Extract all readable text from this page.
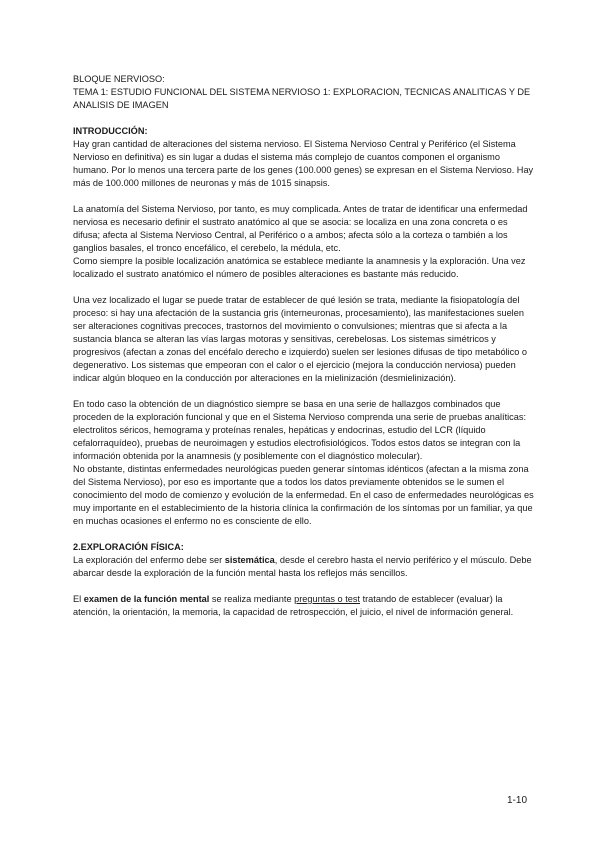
BLOQUE NERVIOSO:

TEMA 1: ESTUDIO FUNCIONAL DEL SISTEMA NERVIOSO 1: EXPLORACION, TECNICAS ANALITICAS Y DE ANALISIS DE IMAGEN

INTRODUCCIÓN:

Hay gran cantidad de alteraciones del sistema nervioso. El Sistema Nervioso Central y Periférico (el Sistema Nervioso en definitiva) es sin lugar a dudas el sistema más complejo de cuantos componen el organismo humano. Por lo menos una tercera parte de los genes (100.000 genes) se expresan en el Sistema Nervioso. Hay más de 100.000 millones de neuronas y más de 1015 sinapsis.

La anatomía del Sistema Nervioso, por tanto, es muy complicada. Antes de tratar de identificar una enfermedad nerviosa es necesario definir el sustrato anatómico al que se asocia: se localiza en una zona concreta o es difusa; afecta al Sistema Nervioso Central, al Periférico o a ambos; afecta sólo a la corteza o también a los ganglios basales, el tronco encefálico, el cerebelo, la médula, etc.

Como siempre la posible localización anatómica se establece mediante la anamnesis y la exploración. Una vez localizado el sustrato anatómico el número de posibles alteraciones es bastante más reducido.

Una vez localizado el lugar se puede tratar de establecer de qué lesión se trata, mediante la fisiopatología del proceso: si hay una afectación de la sustancia gris (interneuronas, procesamiento), las manifestaciones suelen ser alteraciones cognitivas precoces, trastornos del movimiento o convulsiones; mientras que si afecta a la sustancia blanca se alteran las vías largas motoras y sensitivas, cerebelosas. Los sistemas simétricos y progresivos (afectan a zonas del encéfalo derecho e izquierdo) suelen ser lesiones difusas de tipo metabólico o degenerativo. Los sistemas que empeoran con el calor o el ejercicio (mejora la conducción nerviosa) pueden indicar algún bloqueo en la conducción por alteraciones en la mielinización (desmielinización).

En todo caso la obtención de un diagnóstico siempre se basa en una serie de hallazgos combinados que proceden de la exploración funcional y que en el Sistema Nervioso comprenda una serie de pruebas analíticas: electrolitos séricos, hemograma y proteínas renales, hepáticas y endocrinas, estudio del LCR (líquido cefalorraquídeo), pruebas de neuroimagen y estudios electrofisiológicos. Todos estos datos se integran con la información obtenida por la anamnesis (y posiblemente con el diagnóstico molecular).

No obstante, distintas enfermedades neurológicas pueden generar síntomas idénticos (afectan a la misma zona del Sistema Nervioso), por eso es importante que a todos los datos previamente obtenidos se le sumen el conocimiento del modo de comienzo y evolución de la enfermedad. En el caso de enfermedades neurológicas es muy importante en el establecimiento de la historia clínica la confirmación de los síntomas por un familiar, ya que en muchas ocasiones el enfermo no es consciente de ello.

2.EXPLORACIÓN FÍSICA:

La exploración del enfermo debe ser sistemática, desde el cerebro hasta el nervio periférico y el músculo. Debe abarcar desde la exploración de la función mental hasta los reflejos más sencillos.

El examen de la función mental se realiza mediante preguntas o test tratando de establecer (evaluar) la atención, la orientación, la memoria, la capacidad de retrospección, el juicio, el nivel de información general.

1-10
